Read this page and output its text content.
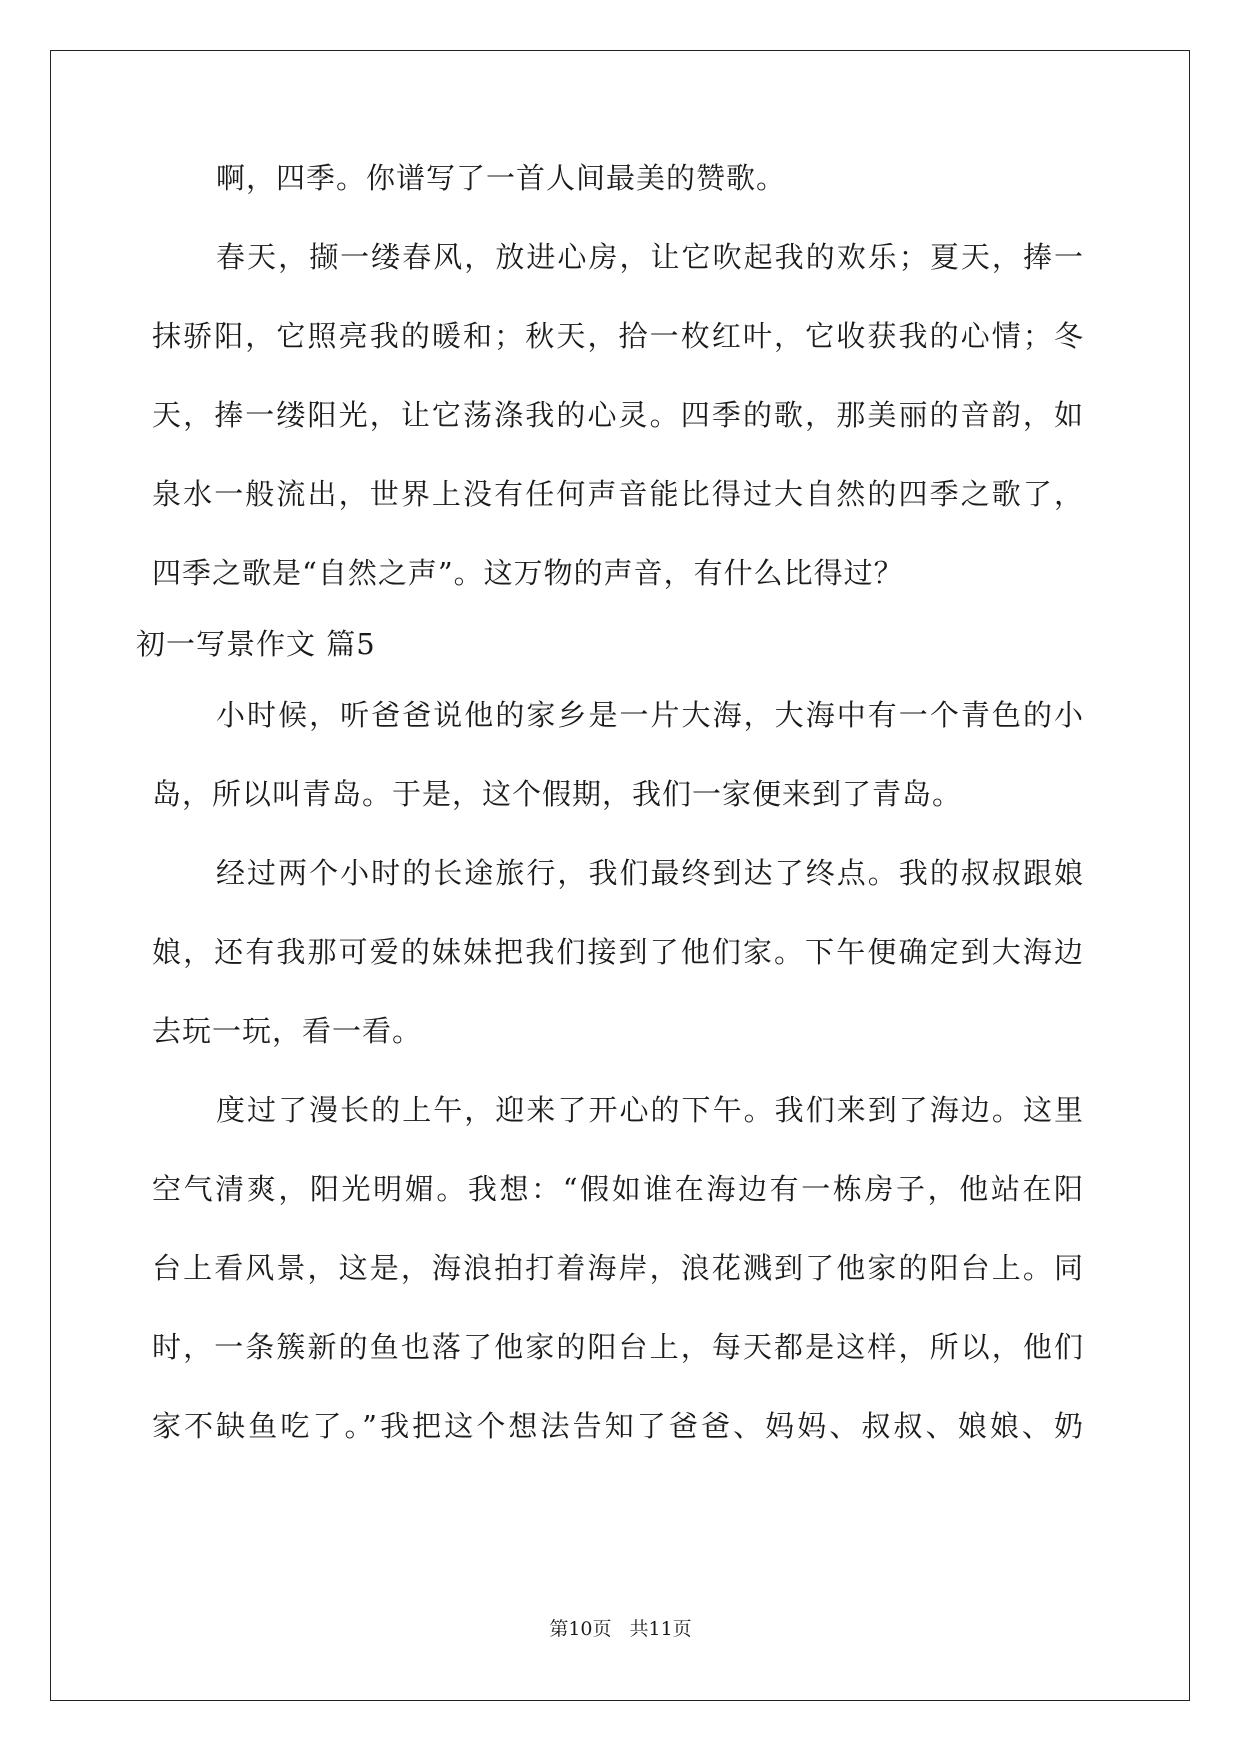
啊，四季。你谱写了一首人间最美的赞歌。
春天，撷一缕春风，放进心房，让它吹起我的欢乐；夏天，捧一
抹骄阳，它照亮我的暖和；秋天，拾一枚红叶，它收获我的心情；冬
天，捧一缕阳光，让它荡涤我的心灵。四季的歌，那美丽的音韵，如
泉水一般流出，世界上没有任何声音能比得过大自然的四季之歌了，
四季之歌是“自然之声”。这万物的声音，有什么比得过？
初一写景作文 篇5
小时候，听爸爸说他的家乡是一片大海，大海中有一个青色的小
岛，所以叫青岛。于是，这个假期，我们一家便来到了青岛。
经过两个小时的长途旅行，我们最终到达了终点。我的叔叔跟娘
娘，还有我那可爱的妹妹把我们接到了他们家。下午便确定到大海边
去玩一玩，看一看。
度过了漫长的上午，迎来了开心的下午。我们来到了海边。这里
空气清爽，阳光明媚。我想：“假如谁在海边有一栋房子，他站在阳
台上看风景，这是，海浪拍打着海岸，浪花溅到了他家的阳台上。同
时，一条簇新的鱼也落了他家的阳台上，每天都是这样，所以，他们
家不缺鱼吃了。”我把这个想法告知了爸爸、妈妈、叔叔、娘娘、奶
第10页 共11页
